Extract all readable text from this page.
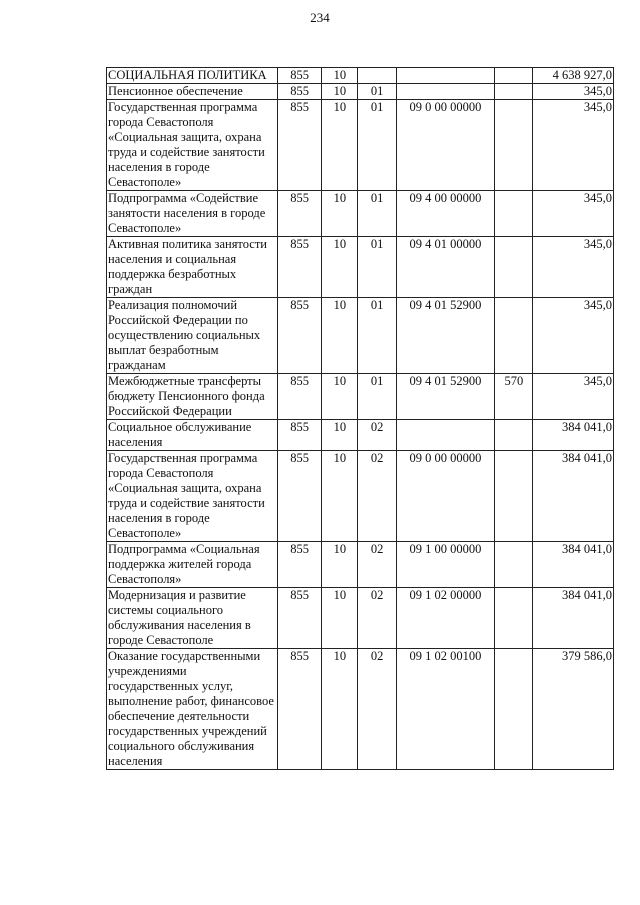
234
СОЦИАЛЬНАЯ ПОЛИТИКА	855	10				4 638 927,0
Пенсионное обеспечение	855	10	01			345,0
Государственная программа города Севастополя «Социальная защита, охрана труда и содействие занятости населения в городе Севастополе»	855	10	01	09 0 00 00000		345,0
Подпрограмма «Содействие занятости населения в городе Севастополе»	855	10	01	09 4 00 00000		345,0
Активная политика занятости населения и социальная поддержка безработных граждан	855	10	01	09 4 01 00000		345,0
Реализация полномочий Российской Федерации по осуществлению социальных выплат безработным гражданам	855	10	01	09 4 01 52900		345,0
Межбюджетные трансферты бюджету Пенсионного фонда Российской Федерации	855	10	01	09 4 01 52900	570	345,0
Социальное обслуживание населения	855	10	02			384 041,0
Государственная программа города Севастополя «Социальная защита, охрана труда и содействие занятости населения в городе Севастополе»	855	10	02	09 0 00 00000		384 041,0
Подпрограмма «Социальная поддержка жителей города Севастополя»	855	10	02	09 1 00 00000		384 041,0
Модернизация и развитие системы социального обслуживания населения в городе Севастополе	855	10	02	09 1 02 00000		384 041,0
Оказание государственными учреждениями государственных услуг, выполнение работ, финансовое обеспечение деятельности государственных учреждений социального обслуживания населения	855	10	02	09 1 02 00100		379 586,0
